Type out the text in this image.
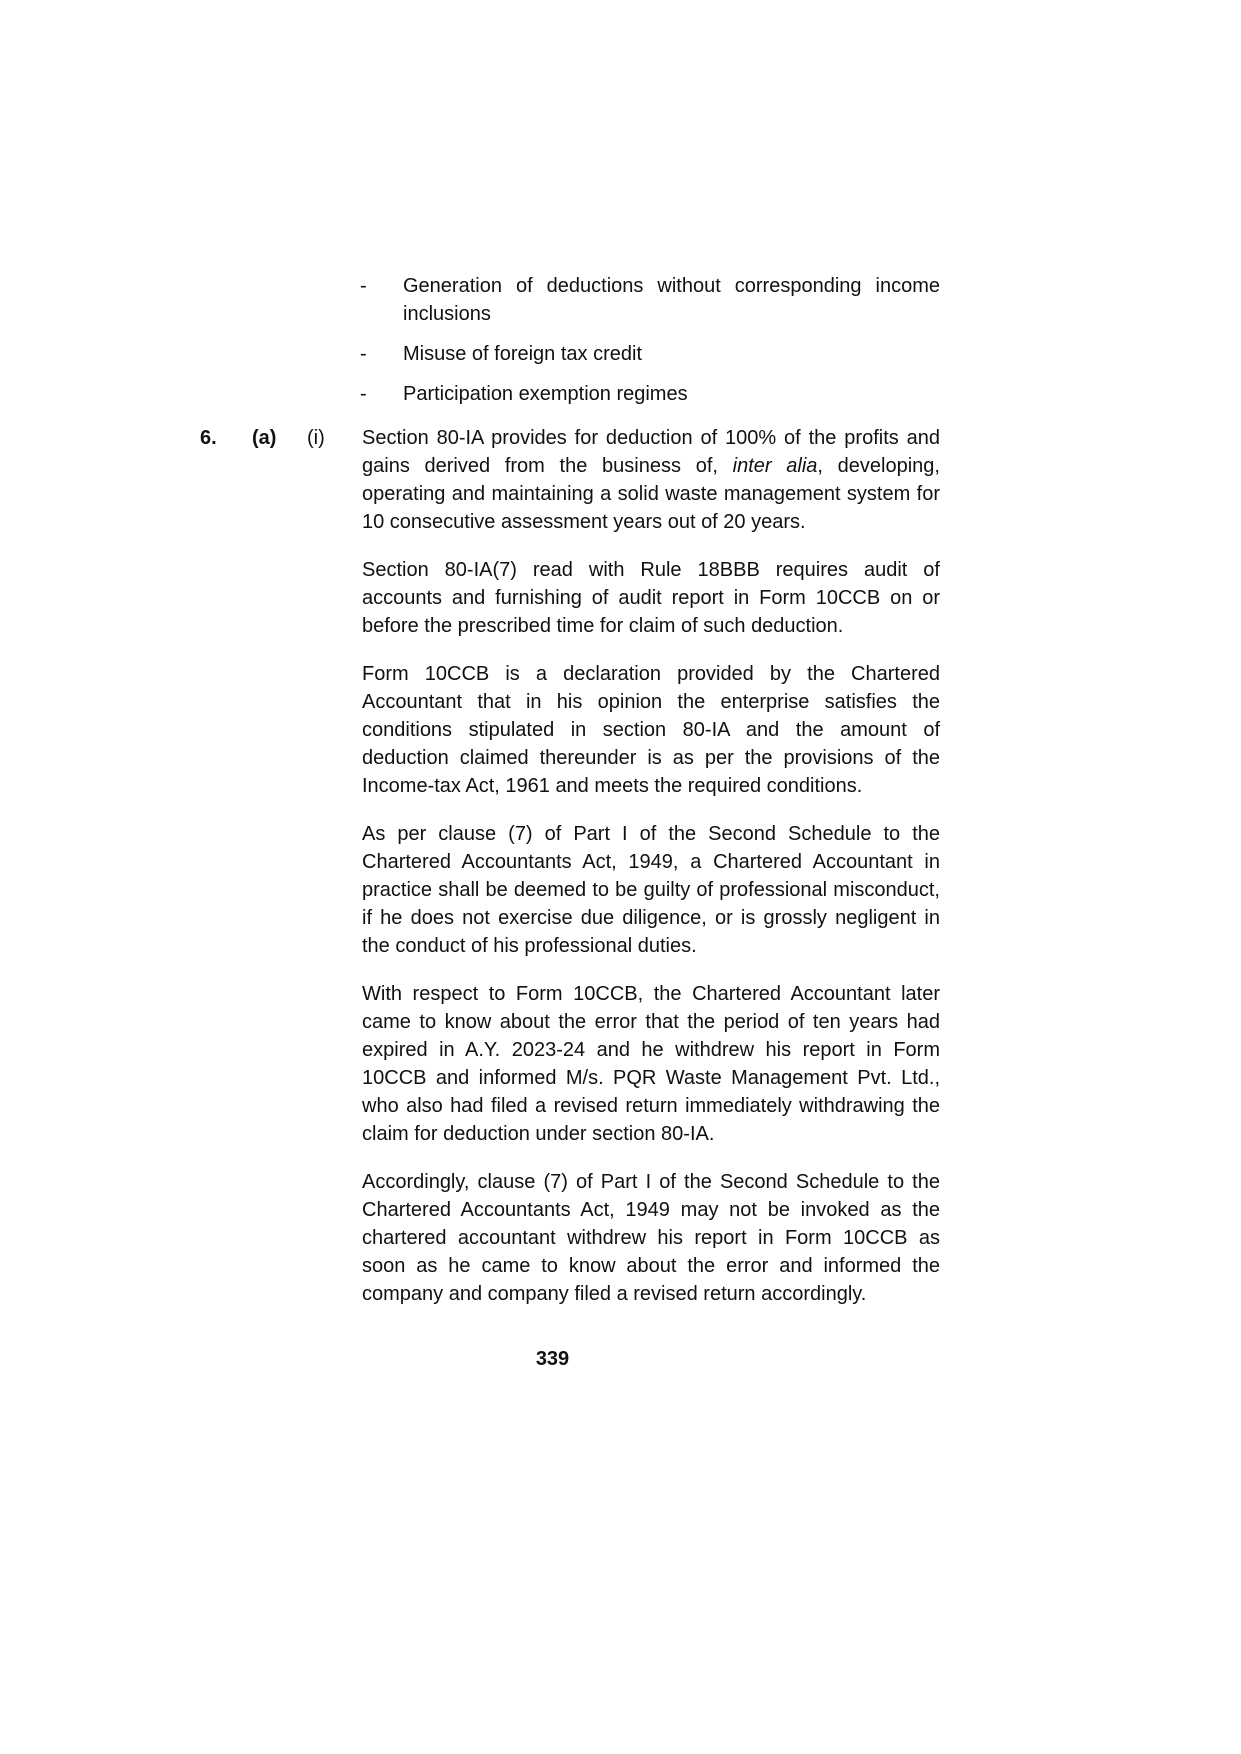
-	Generation of deductions without corresponding income inclusions
-	Misuse of foreign tax credit
-	Participation exemption regimes
6.	(a)	(i)	Section 80-IA provides for deduction of 100% of the profits and gains derived from the business of, inter alia, developing, operating and maintaining a solid waste management system for 10 consecutive assessment years out of 20 years.

Section 80-IA(7) read with Rule 18BBB requires audit of accounts and furnishing of audit report in Form 10CCB on or before the prescribed time for claim of such deduction.

Form 10CCB is a declaration provided by the Chartered Accountant that in his opinion the enterprise satisfies the conditions stipulated in section 80-IA and the amount of deduction claimed thereunder is as per the provisions of the Income-tax Act, 1961 and meets the required conditions.

As per clause (7) of Part I of the Second Schedule to the Chartered Accountants Act, 1949, a Chartered Accountant in practice shall be deemed to be guilty of professional misconduct, if he does not exercise due diligence, or is grossly negligent in the conduct of his professional duties.

With respect to Form 10CCB, the Chartered Accountant later came to know about the error that the period of ten years had expired in A.Y. 2023-24 and he withdrew his report in Form 10CCB and informed M/s. PQR Waste Management Pvt. Ltd., who also had filed a revised return immediately withdrawing the claim for deduction under section 80-IA.

Accordingly, clause (7) of Part I of the Second Schedule to the Chartered Accountants Act, 1949 may not be invoked as the chartered accountant withdrew his report in Form 10CCB as soon as he came to know about the error and informed the company and company filed a revised return accordingly.

339
